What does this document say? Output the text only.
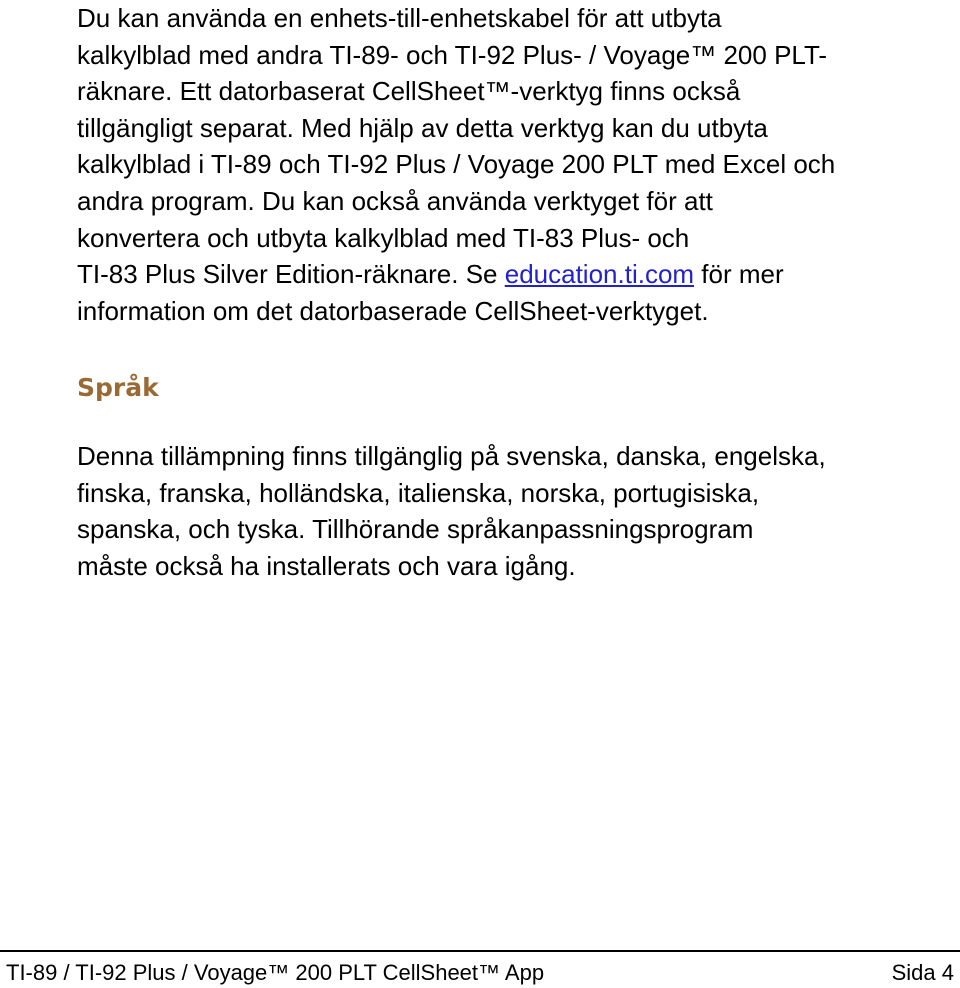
Du kan använda en enhets-till-enhetskabel för att utbyta
kalkylblad med andra TI-89- och TI-92 Plus- / Voyage™ 200 PLT-
räknare. Ett datorbaserat CellSheet™-verktyg finns också
tillgängligt separat. Med hjälp av detta verktyg kan du utbyta
kalkylblad i TI-89 och TI-92 Plus / Voyage 200 PLT med Excel och
andra program. Du kan också använda verktyget för att
konvertera och utbyta kalkylblad med TI-83 Plus- och
TI-83 Plus Silver Edition-räknare. Se education.ti.com för mer
information om det datorbaserade CellSheet-verktyget.

Språk

Denna tillämpning finns tillgänglig på svenska, danska, engelska,
finska, franska, holländska, italienska, norska, portugisiska,
spanska, och tyska. Tillhörande språkanpassningsprogram
måste också ha installerats och vara igång.

TI-89 / TI-92 Plus / Voyage™ 200 PLT CellSheet™ App	Sida 4
